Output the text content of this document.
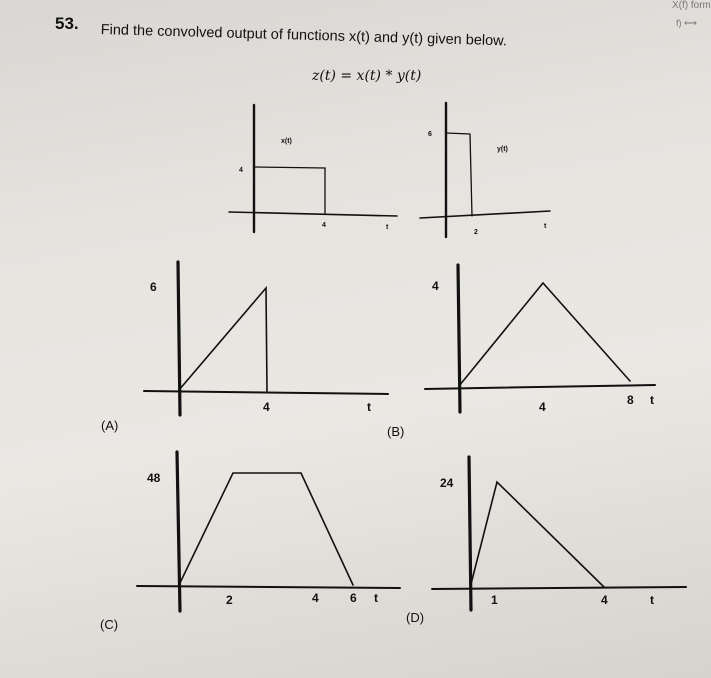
53. Find the convolved output of functions x(t) and y(t) given below.
z(t) = x(t) * y(t)
X(f) form
f) ⟷
x(t)
4
4	t
y(t)
6
2
t
6
4	t
4
4	8 t
48
2	4	6 t
24
1	4	t
(A)	(B)
(C)	(D)
